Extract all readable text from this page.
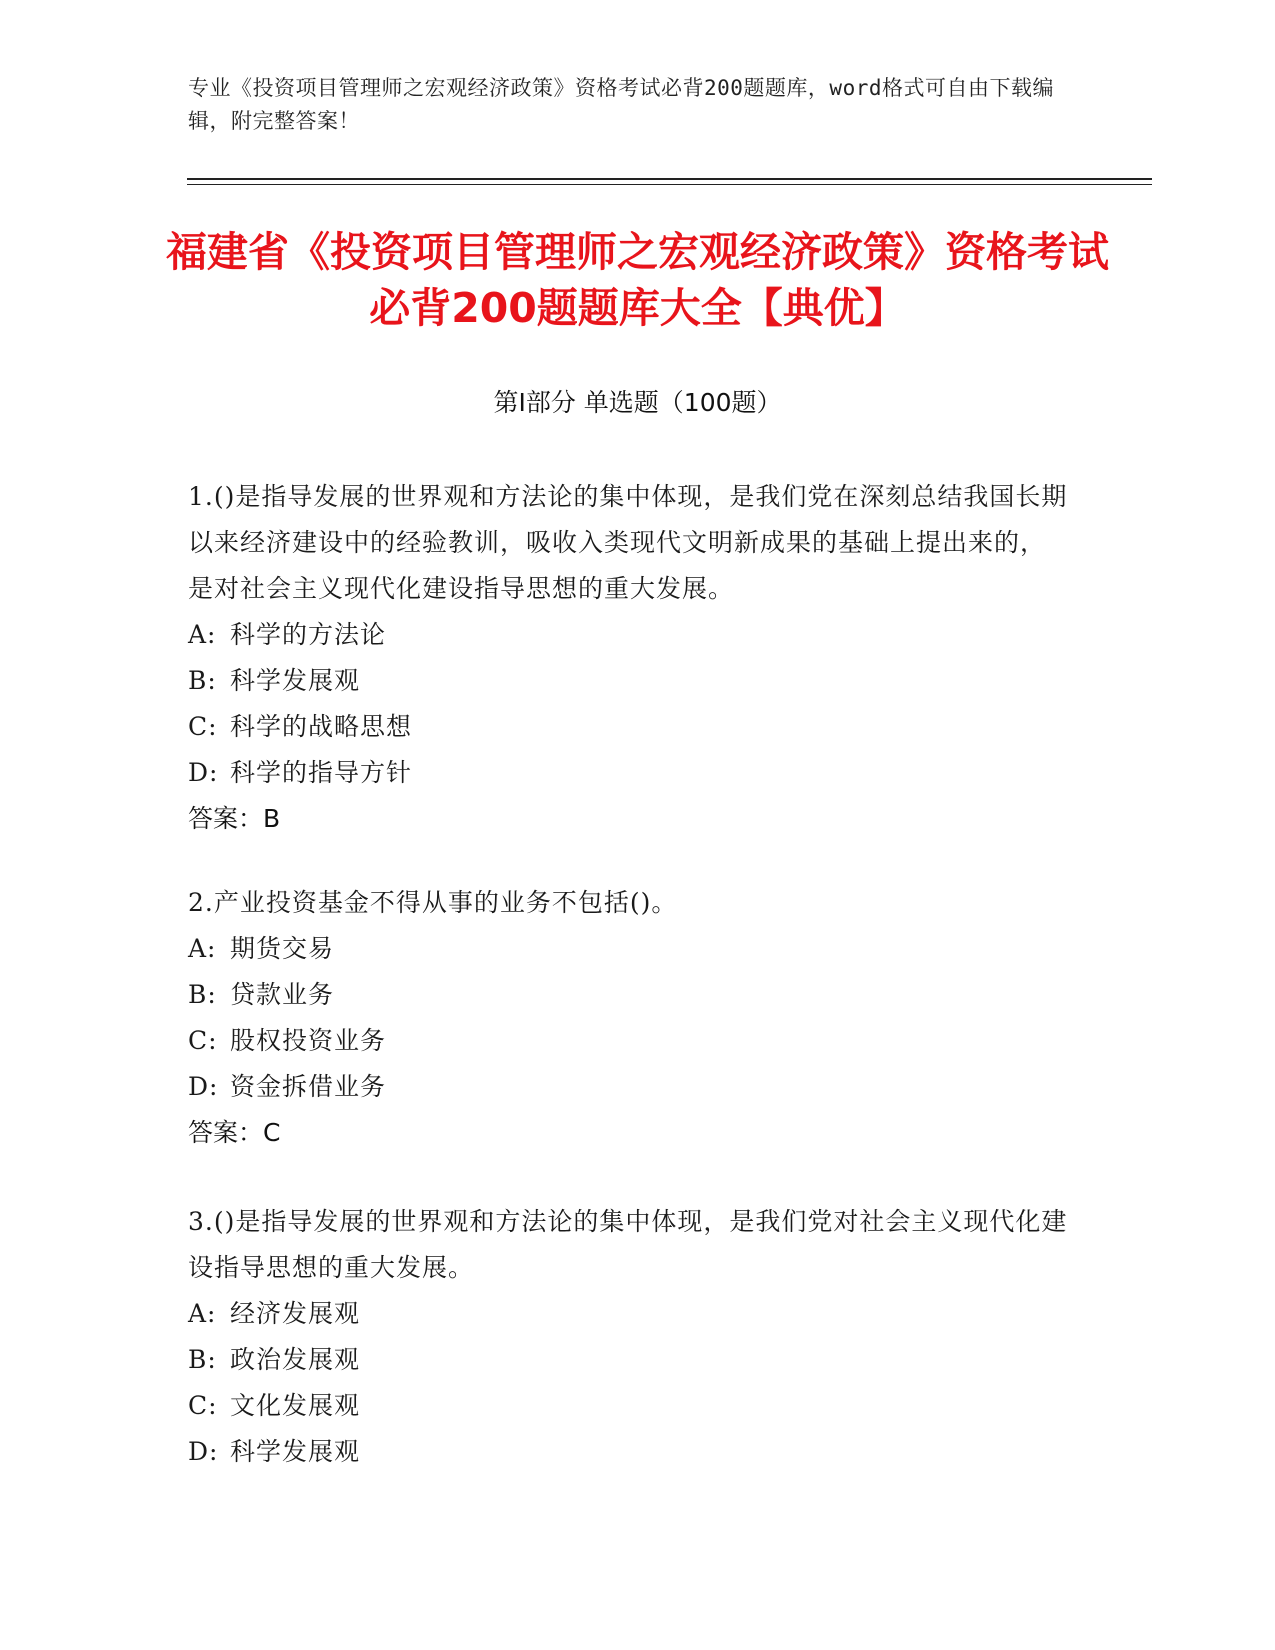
专业《投资项目管理师之宏观经济政策》资格考试必背200题题库，word格式可自由下载编辑，附完整答案！
福建省《投资项目管理师之宏观经济政策》资格考试必背200题题库大全【典优】
第Ⅰ部分 单选题（100题）
1.()是指导发展的世界观和方法论的集中体现，是我们党在深刻总结我国长期以来经济建设中的经验教训，吸收入类现代文明新成果的基础上提出来的，是对社会主义现代化建设指导思想的重大发展。
A: 科学的方法论
B: 科学发展观
C: 科学的战略思想
D: 科学的指导方针
答案：B
2.产业投资基金不得从事的业务不包括()。
A: 期货交易
B: 贷款业务
C: 股权投资业务
D: 资金拆借业务
答案：C
3.()是指导发展的世界观和方法论的集中体现，是我们党对社会主义现代化建设指导思想的重大发展。
A: 经济发展观
B: 政治发展观
C: 文化发展观
D: 科学发展观
